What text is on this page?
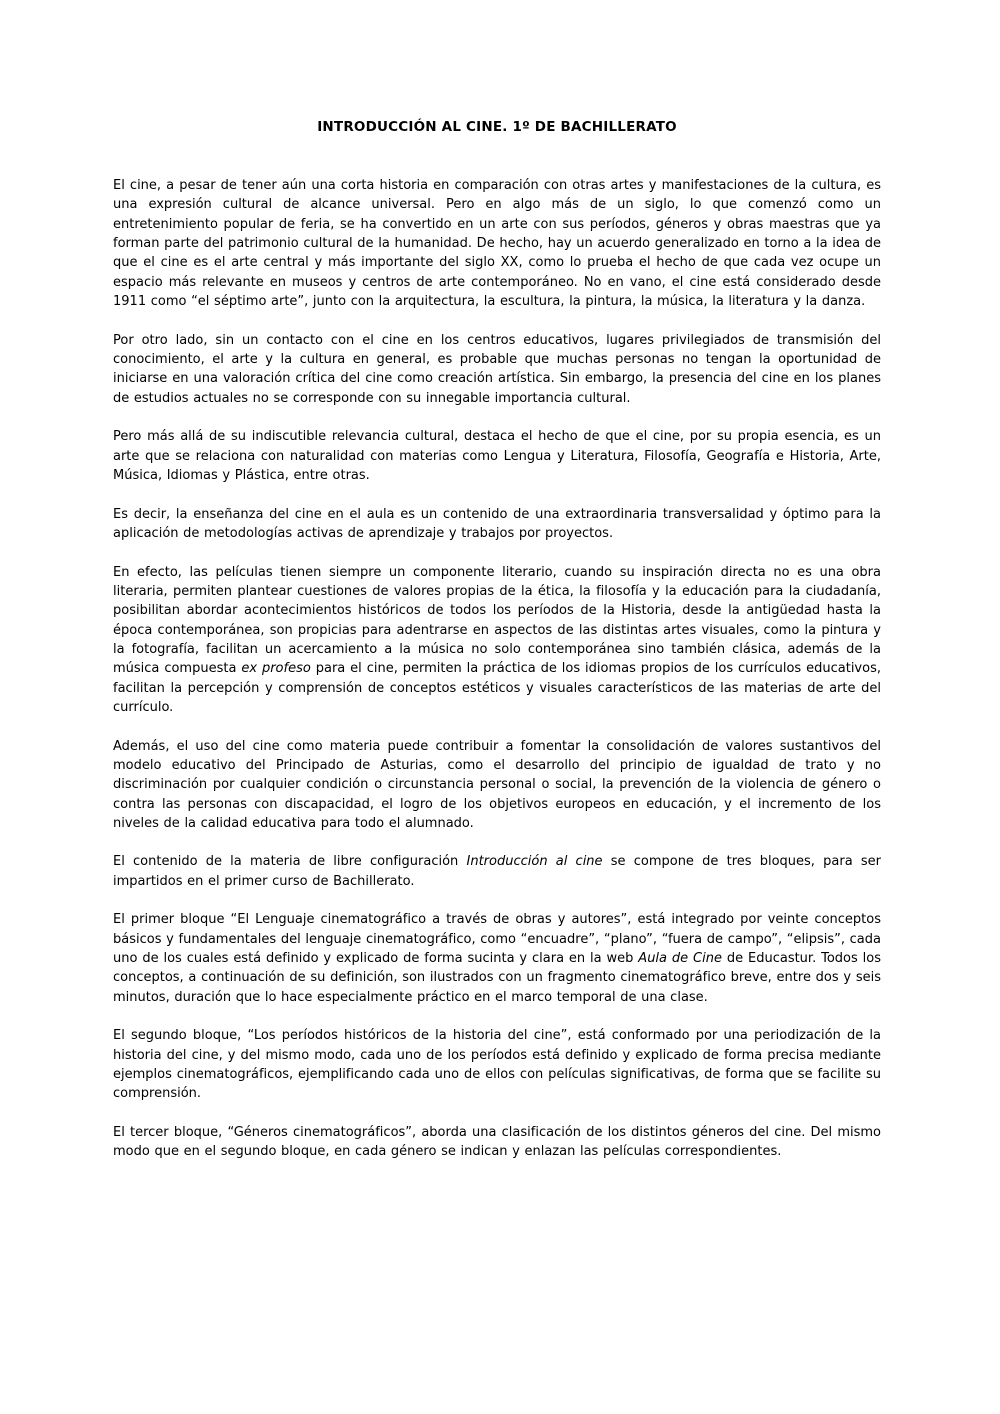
INTRODUCCIÓN AL CINE. 1º DE BACHILLERATO

El cine, a pesar de tener aún una corta historia en comparación con otras artes y manifestaciones de la cultura, es una expresión cultural de alcance universal. Pero en algo más de un siglo, lo que comenzó como un entretenimiento popular de feria, se ha convertido en un arte con sus períodos, géneros y obras maestras que ya forman parte del patrimonio cultural de la humanidad. De hecho, hay un acuerdo generalizado en torno a la idea de que el cine es el arte central y más importante del siglo XX, como lo prueba el hecho de que cada vez ocupe un espacio más relevante en museos y centros de arte contemporáneo. No en vano, el cine está considerado desde 1911 como “el séptimo arte”, junto con la arquitectura, la escultura, la pintura, la música, la literatura y la danza.

Por otro lado, sin un contacto con el cine en los centros educativos, lugares privilegiados de transmisión del conocimiento, el arte y la cultura en general, es probable que muchas personas no tengan la oportunidad de iniciarse en una valoración crítica del cine como creación artística. Sin embargo, la presencia del cine en los planes de estudios actuales no se corresponde con su innegable importancia cultural.

Pero más allá de su indiscutible relevancia cultural, destaca el hecho de que el cine, por su propia esencia, es un arte que se relaciona con naturalidad con materias como Lengua y Literatura, Filosofía, Geografía e Historia, Arte, Música, Idiomas y Plástica, entre otras.

Es decir, la enseñanza del cine en el aula es un contenido de una extraordinaria transversalidad y óptimo para la aplicación de metodologías activas de aprendizaje y trabajos por proyectos.

En efecto, las películas tienen siempre un componente literario, cuando su inspiración directa no es una obra literaria, permiten plantear cuestiones de valores propias de la ética, la filosofía y la educación para la ciudadanía, posibilitan abordar acontecimientos históricos de todos los períodos de la Historia, desde la antigüedad hasta la época contemporánea, son propicias para adentrarse en aspectos de las distintas artes visuales, como la pintura y la fotografía, facilitan un acercamiento a la música no solo contemporánea sino también clásica, además de la música compuesta ex profeso para el cine, permiten la práctica de los idiomas propios de los currículos educativos, facilitan la percepción y comprensión de conceptos estéticos y visuales característicos de las materias de arte del currículo.

Además, el uso del cine como materia puede contribuir a fomentar la consolidación de valores sustantivos del modelo educativo del Principado de Asturias, como el desarrollo del principio de igualdad de trato y no discriminación por cualquier condición o circunstancia personal o social, la prevención de la violencia de género o contra las personas con discapacidad, el logro de los objetivos europeos en educación, y el incremento de los niveles de la calidad educativa para todo el alumnado.

El contenido de la materia de libre configuración Introducción al cine se compone de tres bloques, para ser impartidos en el primer curso de Bachillerato.

El primer bloque “El Lenguaje cinematográfico a través de obras y autores”, está integrado por veinte conceptos básicos y fundamentales del lenguaje cinematográfico, como “encuadre”, “plano”, “fuera de campo”, “elipsis”, cada uno de los cuales está definido y explicado de forma sucinta y clara en la web Aula de Cine de Educastur. Todos los conceptos, a continuación de su definición, son ilustrados con un fragmento cinematográfico breve, entre dos y seis minutos, duración que lo hace especialmente práctico en el marco temporal de una clase.

El segundo bloque, “Los períodos históricos de la historia del cine”, está conformado por una periodización de la historia del cine, y del mismo modo, cada uno de los períodos está definido y explicado de forma precisa mediante ejemplos cinematográficos, ejemplificando cada uno de ellos con películas significativas, de forma que se facilite su comprensión.

El tercer bloque, “Géneros cinematográficos”, aborda una clasificación de los distintos géneros del cine. Del mismo modo que en el segundo bloque, en cada género se indican y enlazan las películas correspondientes.
